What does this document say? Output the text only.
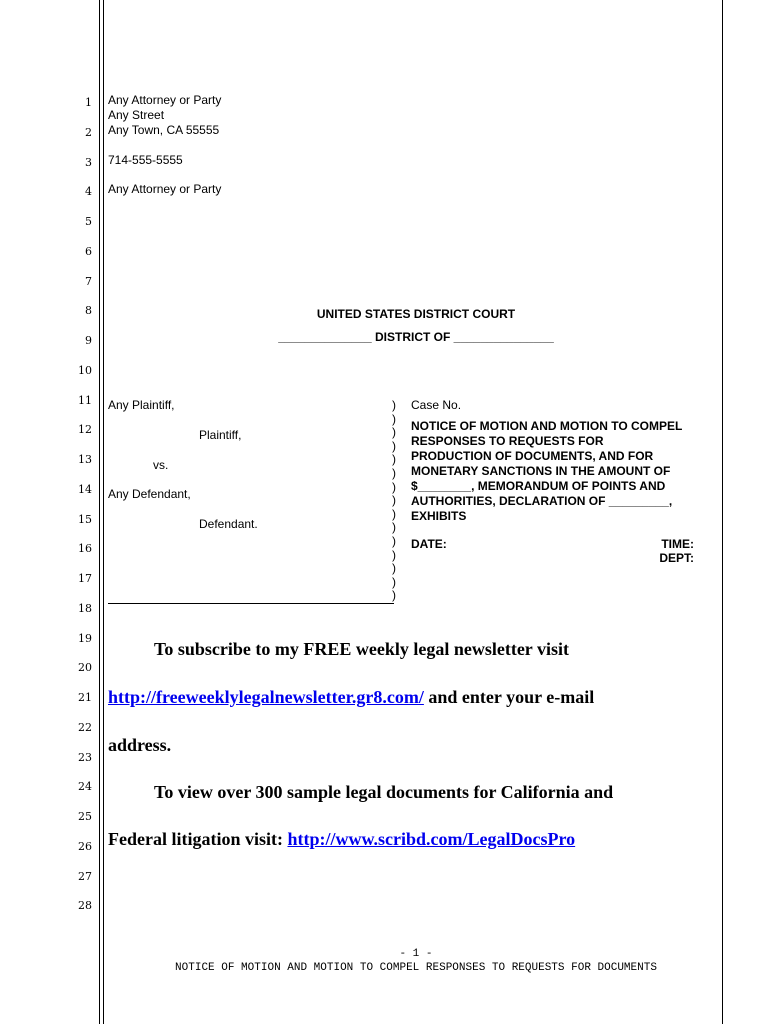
1
2
3
4
5
6
7
8
9
10
11
12
13
14
15
16
17
18
19
20
21
22
23
24
25
26
27
28
Any Attorney or Party
Any Street
Any Town, CA 55555
714-555-5555
Any Attorney or Party
UNITED STATES DISTRICT COURT
______________ DISTRICT OF _______________
Any Plaintiff,
Plaintiff,
vs.
Any Defendant,
Defendant.
)
)
)
)
)
)
)
)
)
)
)
)
)
)
)
Case No.
NOTICE OF MOTION AND MOTION TO COMPEL
RESPONSES TO REQUESTS FOR
PRODUCTION OF DOCUMENTS, AND FOR
MONETARY SANCTIONS IN THE AMOUNT OF
$________, MEMORANDUM OF POINTS AND
AUTHORITIES, DECLARATION OF _________,
EXHIBITS
DATE:	TIME:
DEPT:
To subscribe to my FREE weekly legal newsletter visit
http://freeweeklylegalnewsletter.gr8.com/ and enter your e-mail
address.
To view over 300 sample legal documents for California and
Federal litigation visit: http://www.scribd.com/LegalDocsPro
- 1 -
NOTICE OF MOTION AND MOTION TO COMPEL RESPONSES TO REQUESTS FOR DOCUMENTS
